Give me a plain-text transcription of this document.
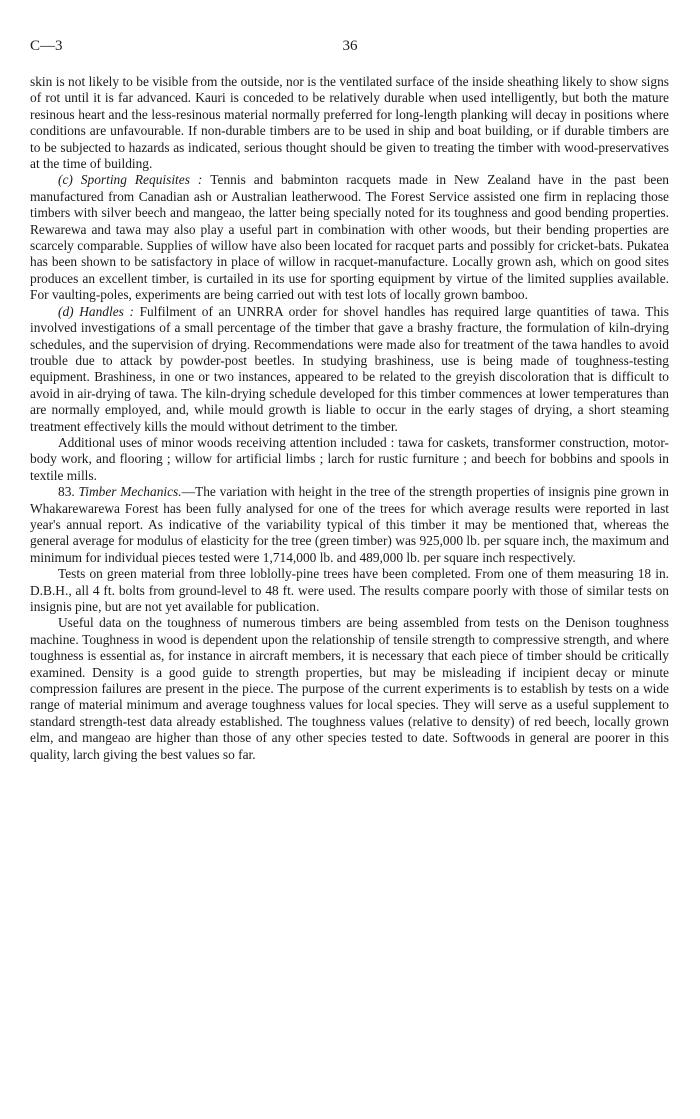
C—3	36

skin is not likely to be visible from the outside, nor is the ventilated surface of the inside sheathing likely to show signs of rot until it is far advanced. Kauri is conceded to be relatively durable when used intelligently, but both the mature resinous heart and the less-resinous material normally preferred for long-length planking will decay in positions where conditions are unfavourable. If non-durable timbers are to be used in ship and boat building, or if durable timbers are to be subjected to hazards as indicated, serious thought should be given to treating the timber with wood-preservatives at the time of building.

(c) Sporting Requisites : Tennis and babminton racquets made in New Zealand have in the past been manufactured from Canadian ash or Australian leatherwood. The Forest Service assisted one firm in replacing those timbers with silver beech and mangeao, the latter being specially noted for its toughness and good bending properties. Rewarewa and tawa may also play a useful part in combination with other woods, but their bending properties are scarcely comparable. Supplies of willow have also been located for racquet parts and possibly for cricket-bats. Pukatea has been shown to be satisfactory in place of willow in racquet-manufacture. Locally grown ash, which on good sites produces an excellent timber, is curtailed in its use for sporting equipment by virtue of the limited supplies available. For vaulting-poles, experiments are being carried out with test lots of locally grown bamboo.

(d) Handles : Fulfilment of an UNRRA order for shovel handles has required large quantities of tawa. This involved investigations of a small percentage of the timber that gave a brashy fracture, the formulation of kiln-drying schedules, and the supervision of drying. Recommendations were made also for treatment of the tawa handles to avoid trouble due to attack by powder-post beetles. In studying brashiness, use is being made of toughness-testing equipment. Brashiness, in one or two instances, appeared to be related to the greyish discoloration that is difficult to avoid in air-drying of tawa. The kiln-drying schedule developed for this timber commences at lower temperatures than are normally employed, and, while mould growth is liable to occur in the early stages of drying, a short steaming treatment effectively kills the mould without detriment to the timber.

Additional uses of minor woods receiving attention included : tawa for caskets, transformer construction, motor-body work, and flooring ; willow for artificial limbs ; larch for rustic furniture ; and beech for bobbins and spools in textile mills.

83. Timber Mechanics.—The variation with height in the tree of the strength properties of insignis pine grown in Whakarewarewa Forest has been fully analysed for one of the trees for which average results were reported in last year's annual report. As indicative of the variability typical of this timber it may be mentioned that, whereas the general average for modulus of elasticity for the tree (green timber) was 925,000 lb. per square inch, the maximum and minimum for individual pieces tested were 1,714,000 lb. and 489,000 lb. per square inch respectively.

Tests on green material from three loblolly-pine trees have been completed. From one of them measuring 18 in. D.B.H., all 4 ft. bolts from ground-level to 48 ft. were used. The results compare poorly with those of similar tests on insignis pine, but are not yet available for publication.

Useful data on the toughness of numerous timbers are being assembled from tests on the Denison toughness machine. Toughness in wood is dependent upon the relationship of tensile strength to compressive strength, and where toughness is essential as, for instance in aircraft members, it is necessary that each piece of timber should be critically examined. Density is a good guide to strength properties, but may be misleading if incipient decay or minute compression failures are present in the piece. The purpose of the current experiments is to establish by tests on a wide range of material minimum and average toughness values for local species. They will serve as a useful supplement to standard strength-test data already established. The toughness values (relative to density) of red beech, locally grown elm, and mangeao are higher than those of any other species tested to date. Softwoods in general are poorer in this quality, larch giving the best values so far.
